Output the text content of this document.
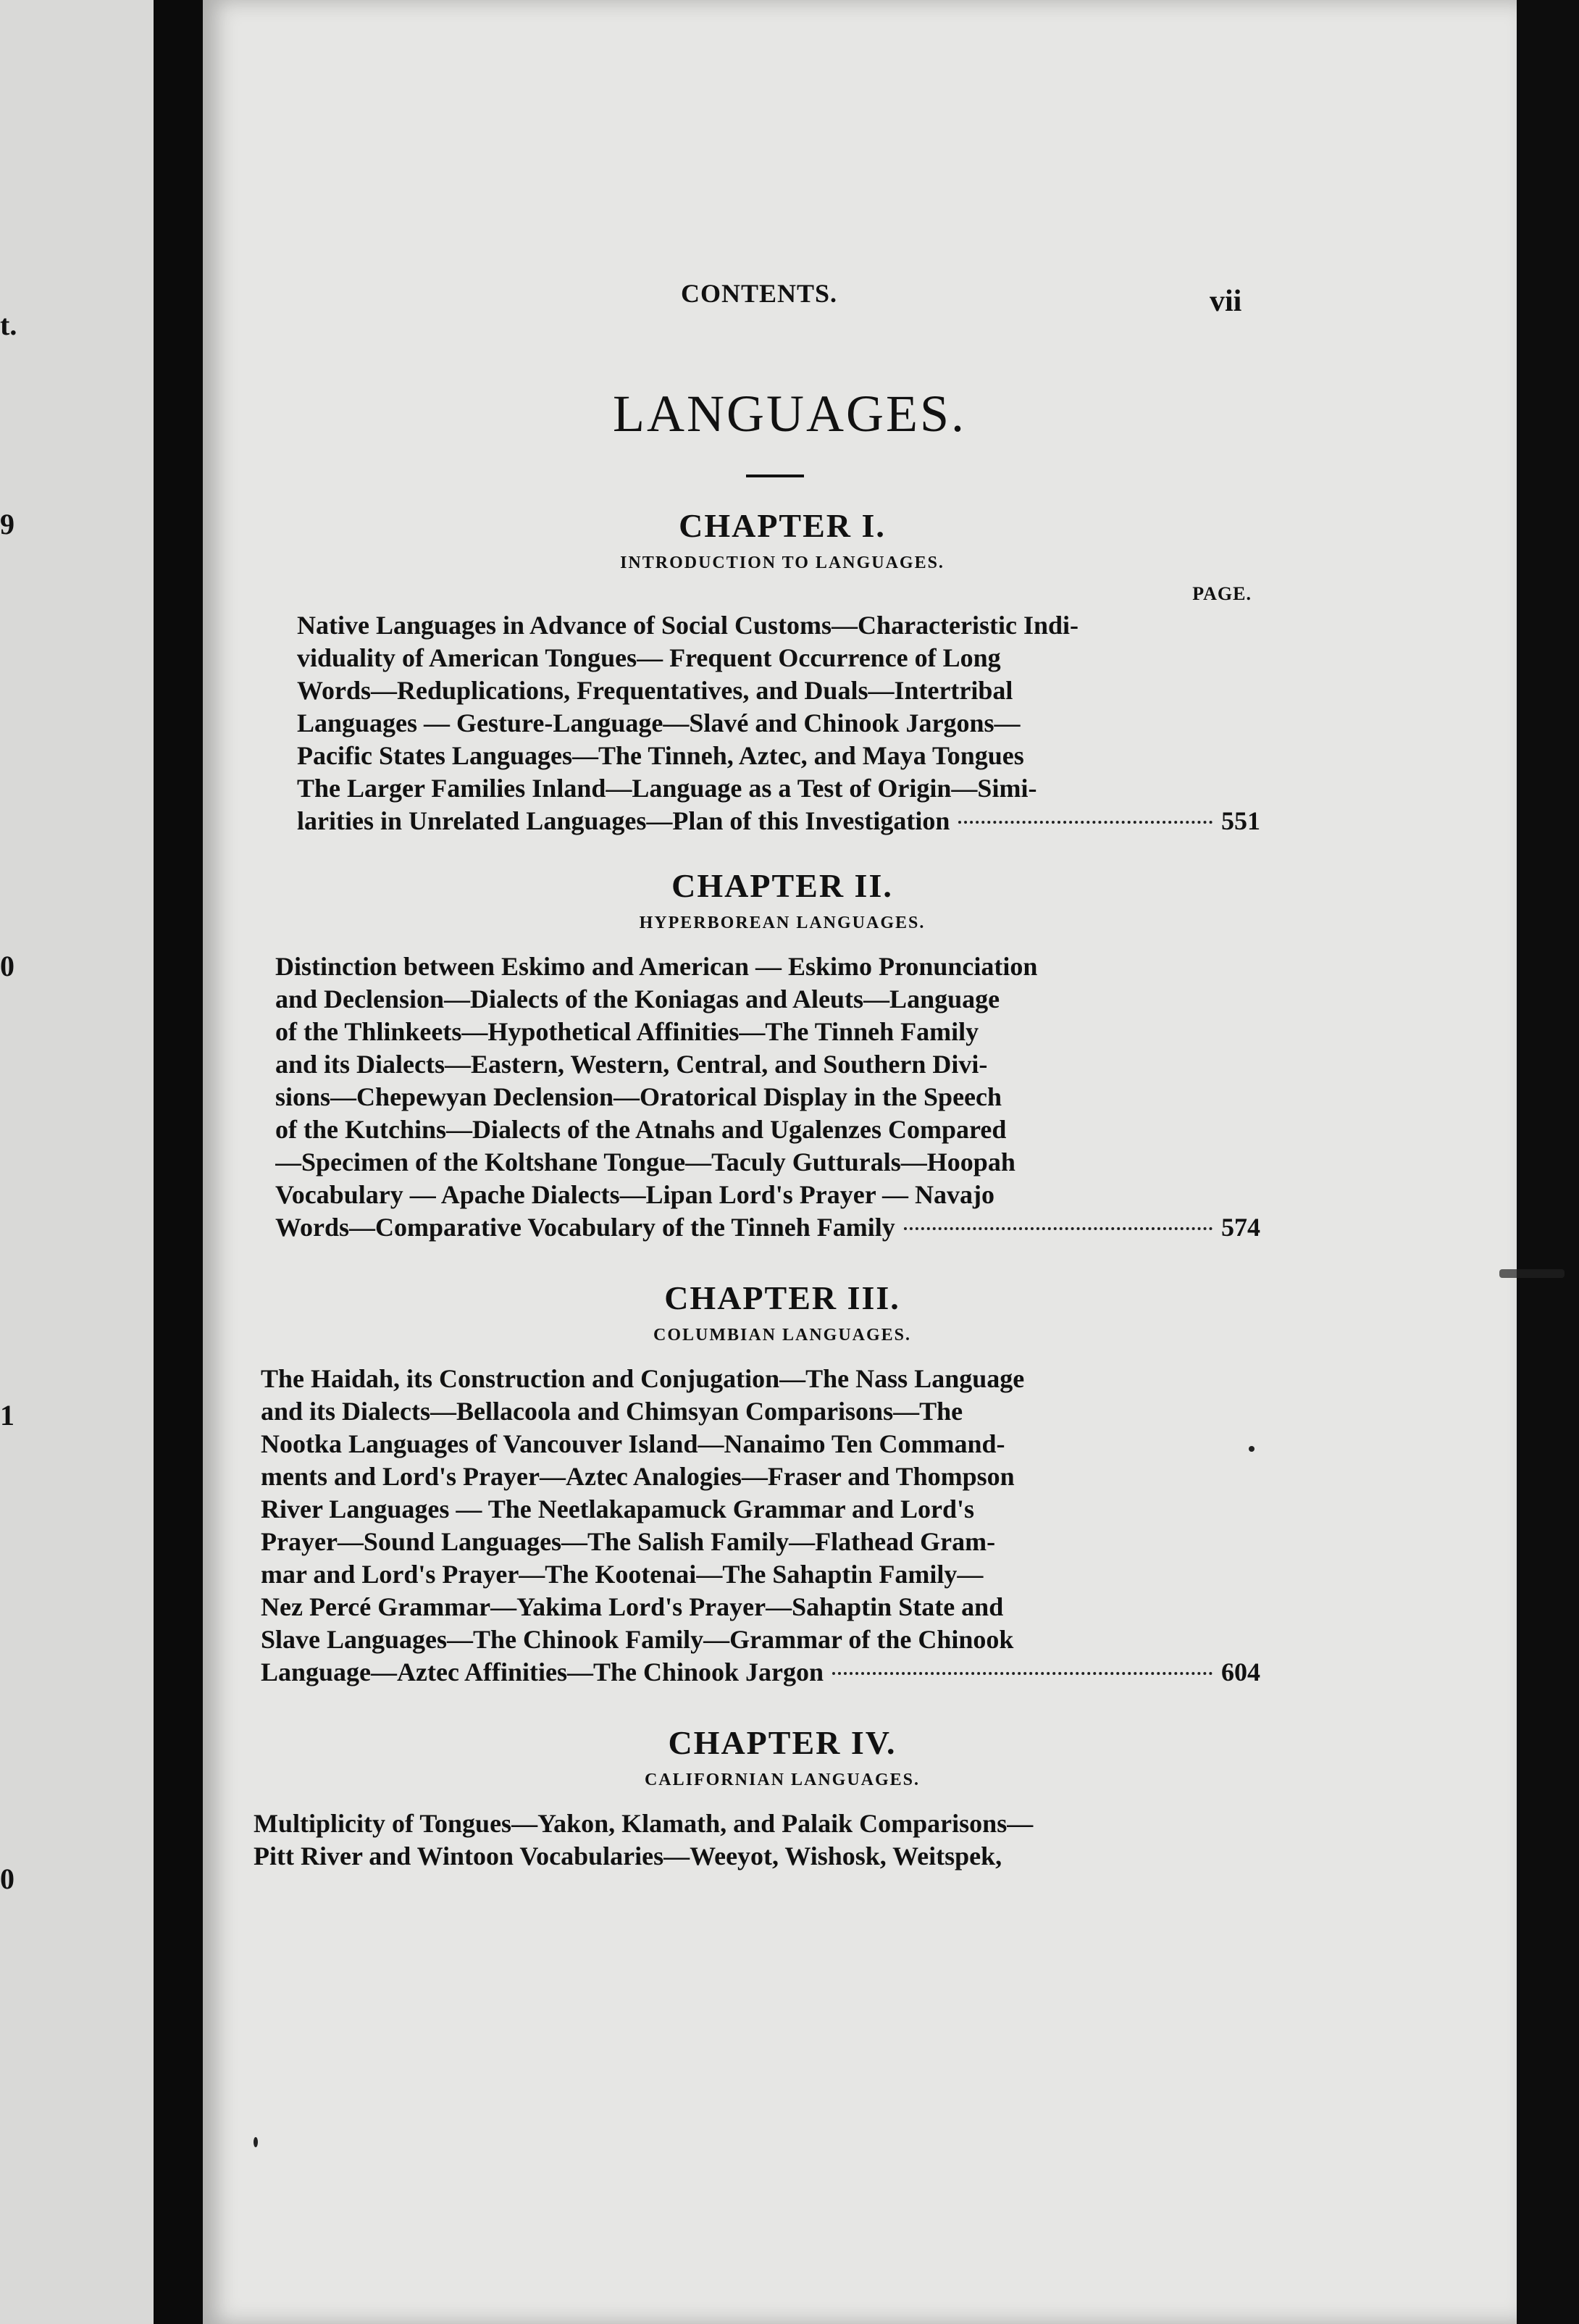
t.
9
0
1
0
CONTENTS.	vii
LANGUAGES.
CHAPTER I.
INTRODUCTION TO LANGUAGES.
PAGE.
Native Languages in Advance of Social Customs—Characteristic Indi-
viduality of American Tongues— Frequent Occurrence of Long
Words—Reduplications, Frequentatives, and Duals—Intertribal
Languages — Gesture-Language—Slavé and Chinook Jargons—
Pacific States Languages—The Tinneh, Aztec, and Maya Tongues
The Larger Families Inland—Language as a Test of Origin—Simi-
larities in Unrelated Languages—Plan of this Investigation	551
CHAPTER II.
HYPERBOREAN LANGUAGES.
Distinction between Eskimo and American — Eskimo Pronunciation
and Declension—Dialects of the Koniagas and Aleuts—Language
of the Thlinkeets—Hypothetical Affinities—The Tinneh Family
and its Dialects—Eastern, Western, Central, and Southern Divi-
sions—Chepewyan Declension—Oratorical Display in the Speech
of the Kutchins—Dialects of the Atnahs and Ugalenzes Compared
—Specimen of the Koltshane Tongue—Taculy Gutturals—Hoopah
Vocabulary — Apache Dialects—Lipan Lord's Prayer — Navajo
Words—Comparative Vocabulary of the Tinneh Family	574
CHAPTER III.
COLUMBIAN LANGUAGES.
The Haidah, its Construction and Conjugation—The Nass Language
and its Dialects—Bellacoola and Chimsyan Comparisons—The
Nootka Languages of Vancouver Island—Nanaimo Ten Command-
ments and Lord's Prayer—Aztec Analogies—Fraser and Thompson
River Languages — The Neetlakapamuck Grammar and Lord's
Prayer—Sound Languages—The Salish Family—Flathead Gram-
mar and Lord's Prayer—The Kootenai—The Sahaptin Family—
Nez Percé Grammar—Yakima Lord's Prayer—Sahaptin State and
Slave Languages—The Chinook Family—Grammar of the Chinook
Language—Aztec Affinities—The Chinook Jargon	604
CHAPTER IV.
CALIFORNIAN LANGUAGES.
Multiplicity of Tongues—Yakon, Klamath, and Palaik Comparisons—
Pitt River and Wintoon Vocabularies—Weeyot, Wishosk, Weitspek,
